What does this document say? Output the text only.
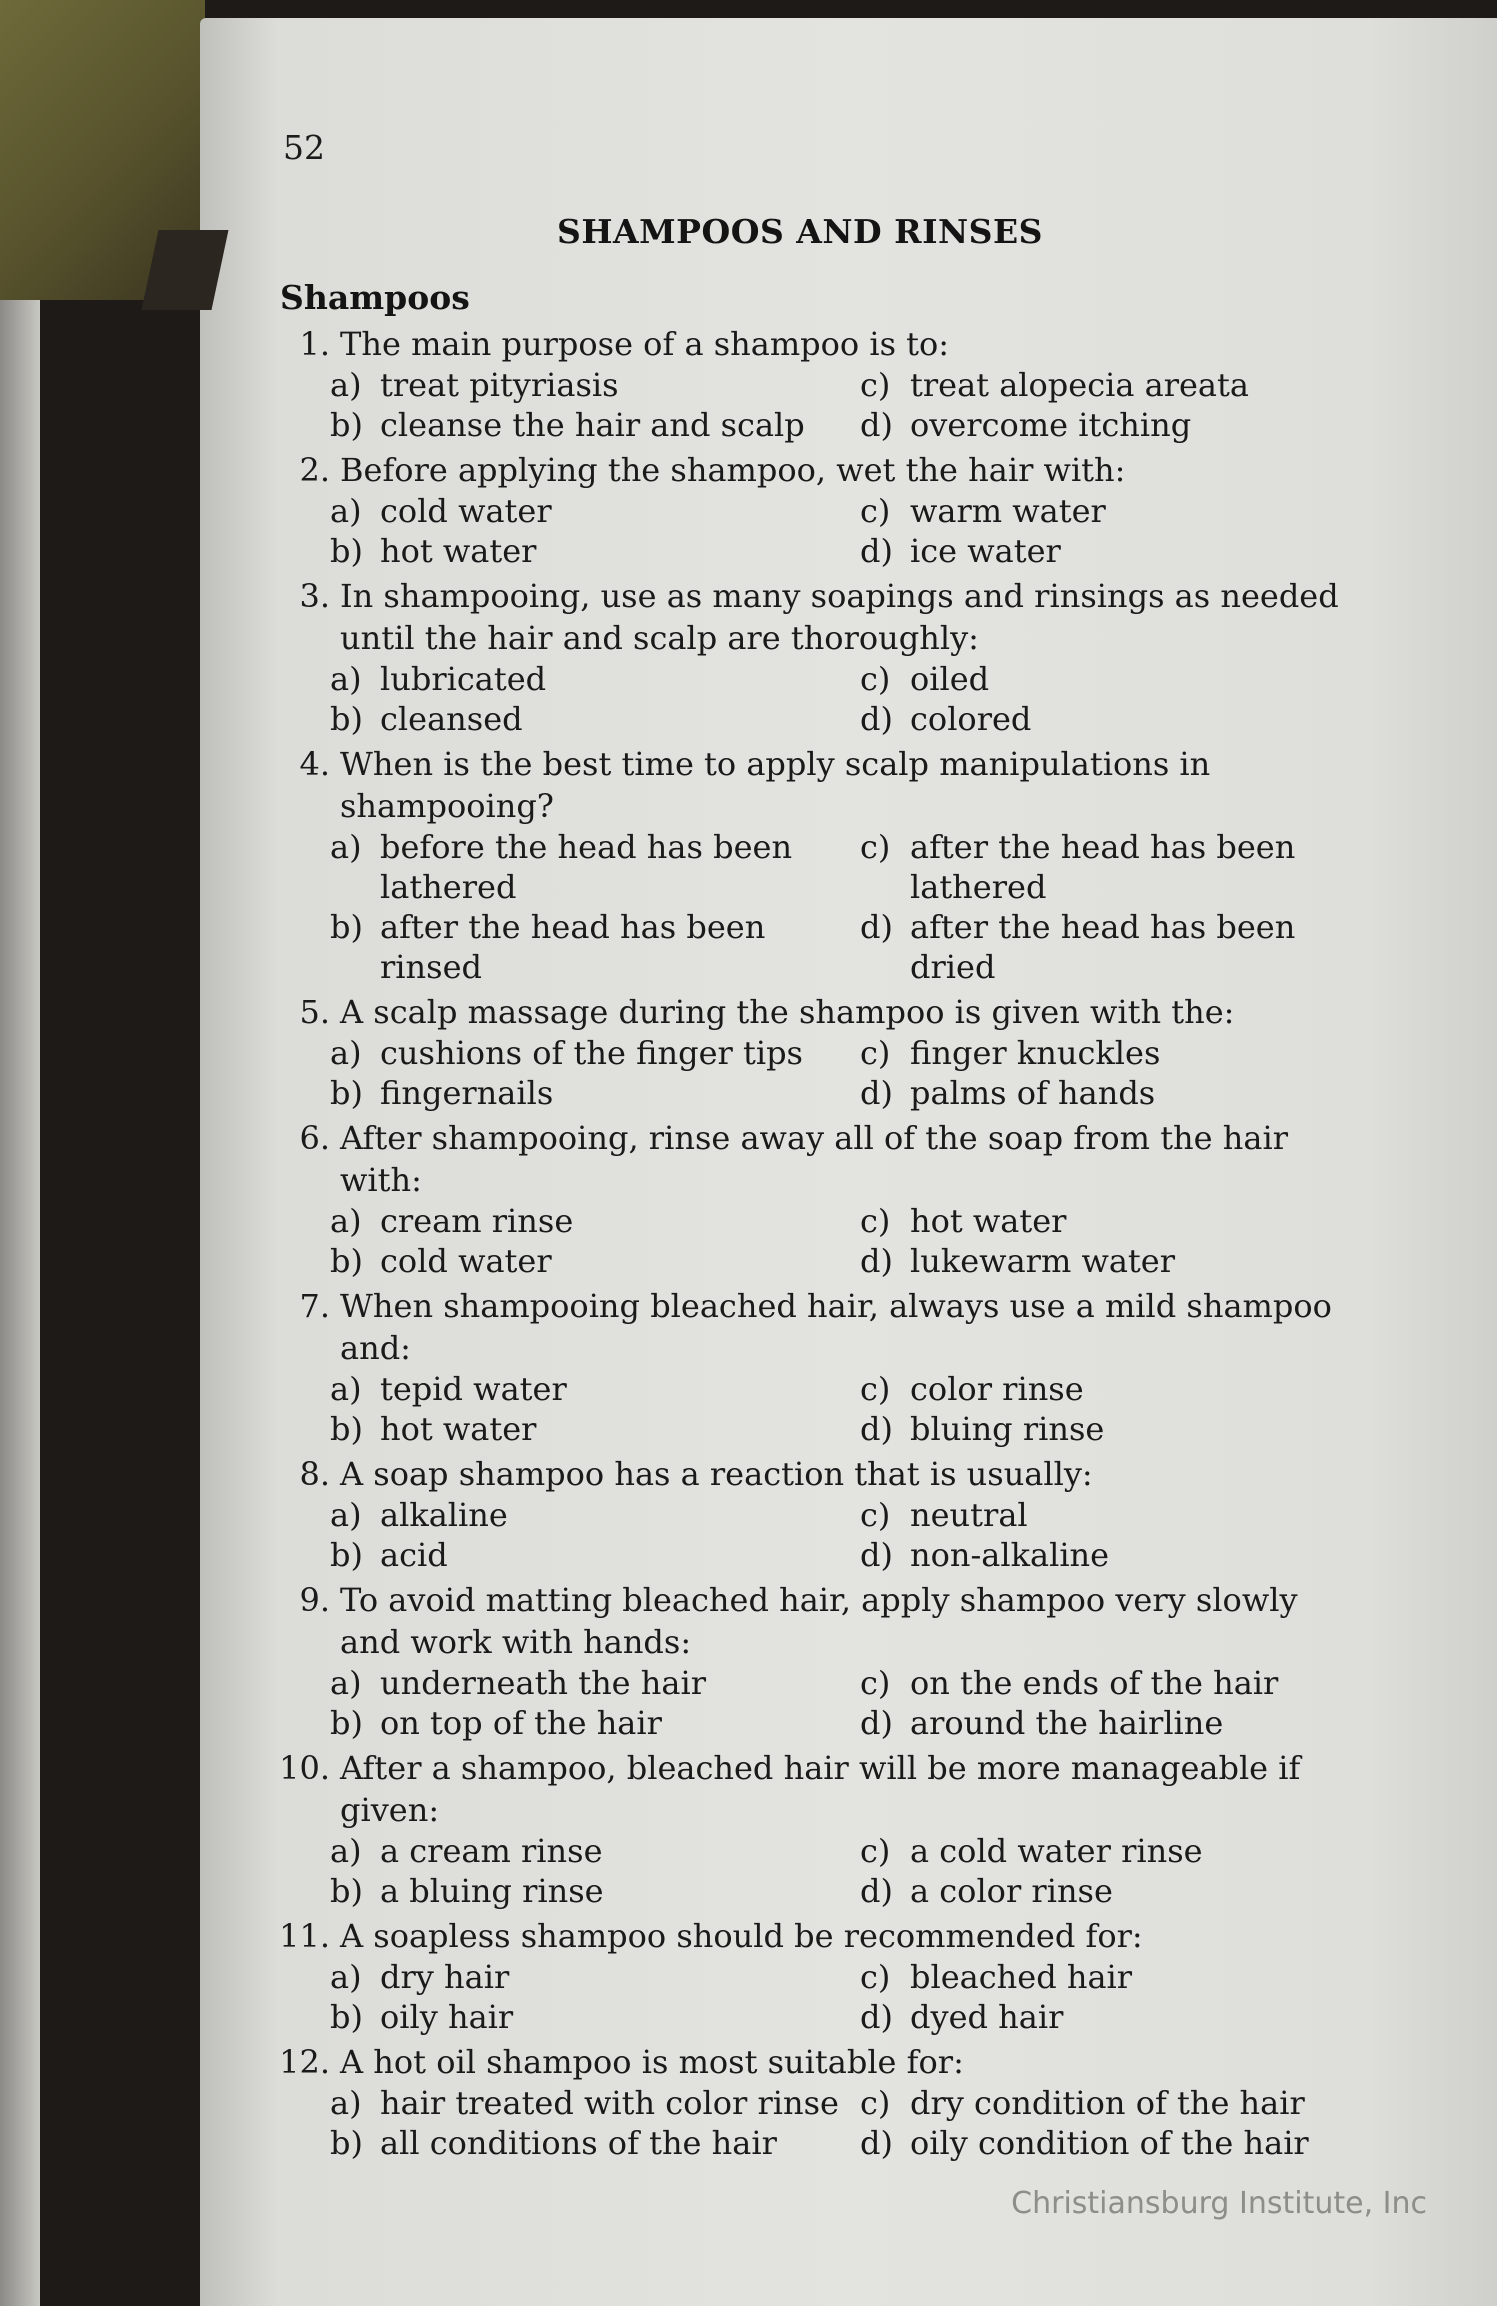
52
SHAMPOOS AND RINSES
Shampoos
1. The main purpose of a shampoo is to:
a) treat pityriasis	c) treat alopecia areata
b) cleanse the hair and scalp	d) overcome itching
2. Before applying the shampoo, wet the hair with:
a) cold water	c) warm water
b) hot water	d) ice water
3. In shampooing, use as many soapings and rinsings as needed until the hair and scalp are thoroughly:
a) lubricated	c) oiled
b) cleansed	d) colored
4. When is the best time to apply scalp manipulations in shampooing?
a) before the head has been lathered
c) after the head has been lathered
b) after the head has been rinsed
d) after the head has been dried
5. A scalp massage during the shampoo is given with the:
a) cushions of the finger tips	c) finger knuckles
b) fingernails	d) palms of hands
6. After shampooing, rinse away all of the soap from the hair with:
a) cream rinse	c) hot water
b) cold water	d) lukewarm water
7. When shampooing bleached hair, always use a mild shampoo and:
a) tepid water	c) color rinse
b) hot water	d) bluing rinse
8. A soap shampoo has a reaction that is usually:
a) alkaline	c) neutral
b) acid	d) non-alkaline
9. To avoid matting bleached hair, apply shampoo very slowly and work with hands:
a) underneath the hair	c) on the ends of the hair
b) on top of the hair	d) around the hairline
10. After a shampoo, bleached hair will be more manageable if given:
a) a cream rinse	c) a cold water rinse
b) a bluing rinse	d) a color rinse
11. A soapless shampoo should be recommended for:
a) dry hair	c) bleached hair
b) oily hair	d) dyed hair
12. A hot oil shampoo is most suitable for:
a) hair treated with color rinse c) dry condition of the hair
b) all conditions of the hair	d) oily condition of the hair
Christiansburg Institute, Inc
